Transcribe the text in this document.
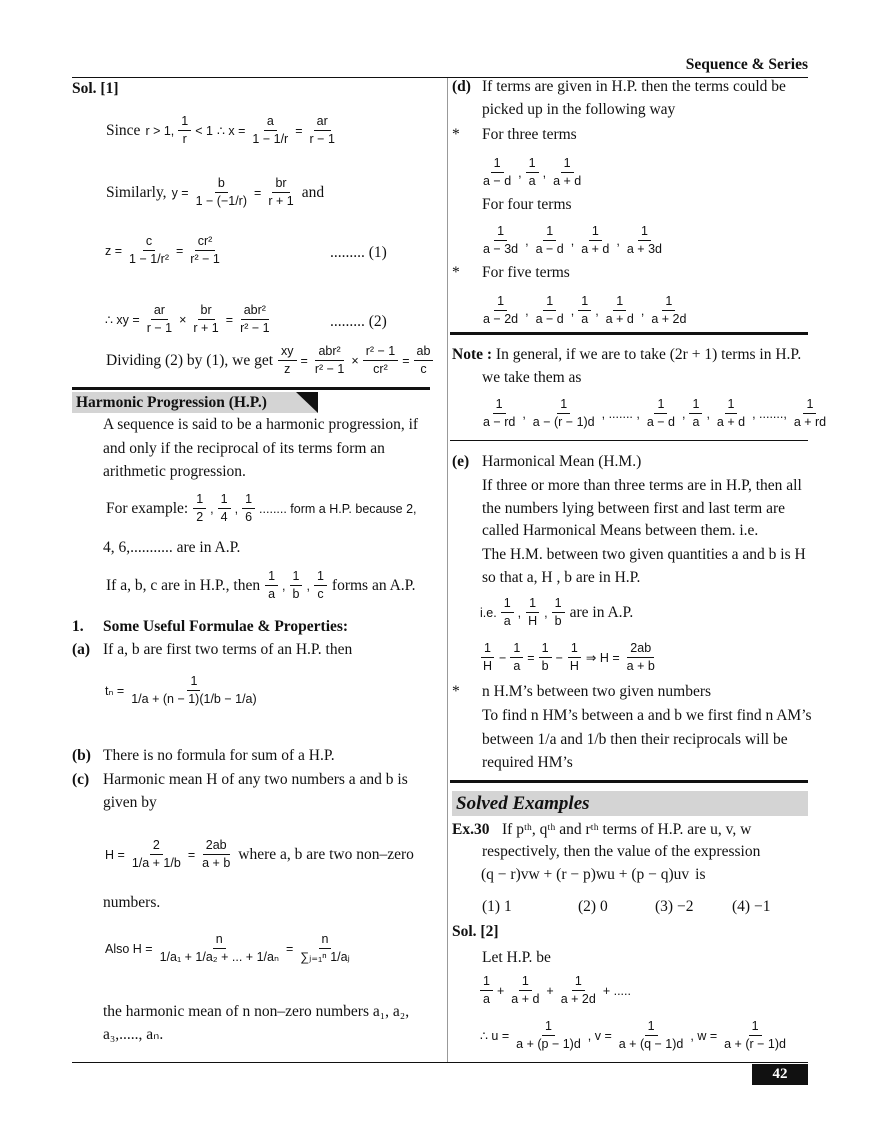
Sequence & Series
Sol. [1]
Since r > 1, $\frac{1}{r} < 1$ ∴ $x = \frac{a}{1 - 1/r} = \frac{ar}{r - 1}$
Similarly, $y = \frac{b}{1 - (-1/r)} = \frac{br}{r + 1}$ and
$z = \frac{c}{\text{1 − 1/r²}} = \frac{\text{cr²}}{\text{r² − 1}}$	......... (1)
∴ xy = $\frac{ar}{r - 1} \times \frac{br}{r + 1}$ =
abr²
r² − 1	......... (2)
Dividing (2) by (1), we get $\frac{xy}{z}$ =
abr²
r² − 1
× $\frac{\text{r² − 1}}{\text{cr²}} = \frac{ab}{c}$
Harmonic Progression (H.P.)
A sequence is said to be a harmonic progression, if
and only if the reciprocal of its terms form an
arithmetic progression.
For example: $\frac{1}{2}$ , $\frac{1}{4}$ , $\frac{1}{6}$ ........ form a H.P. because 2,
4, 6,........... are in A.P.
If a, b, c are in H.P., then $\frac{1}{a}$ , $\frac{1}{b}$ , $\frac{1}{c}$ forms an A.P.
1. Some Useful Formulae & Properties:
(a) If a, b are first two terms of an H.P. then
$t_n = \frac{1}{1/a + (n - 1)(1/b - 1/a)}$
(b) There is no formula for sum of a H.P.
(c) Harmonic mean H of any two numbers a and b is
given by
$H = \frac{2}{1/a + 1/b} = \frac{2ab}{a + b}$ where a, b are two non–zero
numbers.
Also $H = \frac{n}{\text{1/a₁ + 1/a₂ + ... + 1/aₙ}} = \frac{n}{\text{∑ⱼ₌₁ⁿ 1/aⱼ}}$
the harmonic mean of n non–zero numbers a₁, a₂,
a₃,....., aₙ.
(d) If terms are given in H.P. then the terms could be
picked up in the following way
* For three terms
$\frac{1}{a - d}$ , $\frac{1}{a}$ , $\frac{1}{a + d}$
For four terms
$\frac{1}{a - 3d}$ , $\frac{1}{a - d}$ , $\frac{1}{a + d}$ , $\frac{1}{a + 3d}$
* For five terms
$\frac{1}{a - 2d}$ , $\frac{1}{a - d}$ , $\frac{1}{a}$ , $\frac{1}{a + d}$ , $\frac{1}{a + 2d}$
Note : In general, if we are to take (2r + 1) terms in H.P.
we take them as
$\frac{1}{a - rd}$ , $\frac{1}{a - (r - 1)d}$ , ....... , $\frac{1}{a - d}$ , $\frac{1}{a}$ , $\frac{1}{a + d}$ , ......., $\frac{1}{a + rd}$
(e) Harmonical Mean (H.M.)
If three or more than three terms are in H.P, then all
the numbers lying between first and last term are
called Harmonical Means between them. i.e.
The H.M. between two given quantities a and b is H
so that a, H , b are in H.P.
i.e. $\frac{1}{a}$ , $\frac{1}{H}$ , $\frac{1}{b}$ are in A.P.
$\frac{1}{H} - \frac{1}{a} = \frac{1}{b} - \frac{1}{H}$ ⇒ $H = \frac{2ab}{a + b}$
* n H.M’s between two given numbers
To find n HM’s between a and b we first find n AM’s
between 1/a and 1/b then their reciprocals will be
required HM’s
Solved Examples
Ex.30 If pᵗʰ, qᵗʰ and rᵗʰ terms of H.P. are u, v, w
respectively, then the value of the expression
(q − r)vw + (r − p)wu + (p − q)uv is
(1) 1	(2) 0	(3) −2 (4) −1
Sol. [2]
Let H.P. be
$\frac{1}{a} + \frac{1}{a + d} + \frac{1}{a + 2d}$ + .....
∴ $u = \frac{1}{a + (p - 1)d}$ , $v = \frac{1}{a + (q - 1)d}$ , $w = \frac{1}{a + (r - 1)d}$
42
